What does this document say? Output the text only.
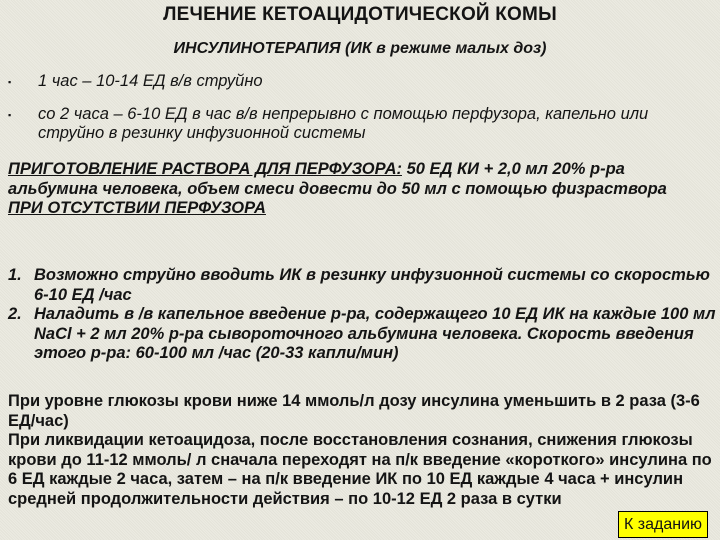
ЛЕЧЕНИЕ КЕТОАЦИДОТИЧЕСКОЙ КОМЫ
ИНСУЛИНОТЕРАПИЯ (ИК в режиме малых доз)
▪	1 час – 10-14 ЕД в/в струйно
▪	со 2 часа – 6-10 ЕД в час в/в непрерывно с помощью перфузора, капельно или струйно в резинку инфузионной системы
ПРИГОТОВЛЕНИЕ РАСТВОРА ДЛЯ ПЕРФУЗОРА: 50 ЕД КИ + 2,0 мл 20% р-ра альбумина человека, объем смеси довести до 50 мл с помощью физраствора
ПРИ ОТСУТСТВИИ ПЕРФУЗОРА
1. Возможно струйно вводить ИК в резинку инфузионной системы со скоростью 6-10 ЕД /час
2. Наладить в /в капельное введение р-ра, содержащего 10 ЕД ИК на каждые 100 мл NaCl + 2 мл 20% р-ра сывороточного альбумина человека. Скорость введения этого р-ра: 60-100 мл /час (20-33 капли/мин)
При уровне глюкозы крови ниже 14 ммоль/л дозу инсулина уменьшить в 2 раза (3-6 ЕД/час)
При ликвидации кетоацидоза, после восстановления сознания, снижения глюкозы крови до 11-12 ммоль/ л сначала переходят на п/к введение «короткого» инсулина по 6 ЕД каждые 2 часа, затем – на п/к введение ИК по 10 ЕД каждые 4 часа + инсулин средней продолжительности действия – по 10-12 ЕД 2 раза в сутки
К заданию
